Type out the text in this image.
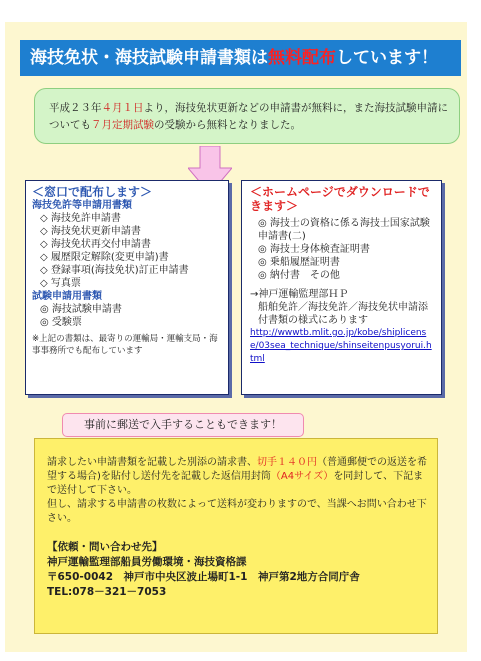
海技免状・海技試験申請書類は無料配布しています！
平成２３年４月１日より，海技免状更新などの申請書が無料に，また海技試験申請についても７月定期試験の受験から無料となりました。
＜窓口で配布します＞
海技免許等申請用書類
◇ 海技免許申請書
◇ 海技免状更新申請書
◇ 海技免状再交付申請書
◇ 履歴限定解除(変更申請)書
◇ 登録事項(海技免状)訂正申請書
◇ 写真票
試験申請用書類
◎ 海技試験申請書
◎ 受験票
※上記の書類は、最寄りの運輸局・運輸支局・海事事務所でも配布しています
＜ホームページでダウンロードできます＞
◎ 海技士の資格に係る海技士国家試験申請書(二)
◎ 海技士身体検査証明書
◎ 乗船履歴証明書
◎ 納付書　その他
→神戸運輸監理部ＨＰ
船舶免許／海技免許／海技免状申請添付書類の様式にあります
http://wwwtb.mlit.go.jp/kobe/shiplicense/03sea_technique/shinseitenpusyorui.html
請求したい申請書類を記載した別添の請求書、切手１４０円（普通郵便での返送を希望する場合)を貼付し送付先を記載した返信用封筒（A4サイズ）を同封して、下記まで送付して下さい。
但し、請求する申請書の枚数によって送料が変わりますので、当課へお問い合わせ下さい。
【依頼・問い合わせ先】
神戸運輸監理部船員労働環境・海技資格課
〒650-0042　神戸市中央区波止場町1-1　神戸第2地方合同庁舎
TEL:078－321－7053
事前に郵送で入手することもできます！
